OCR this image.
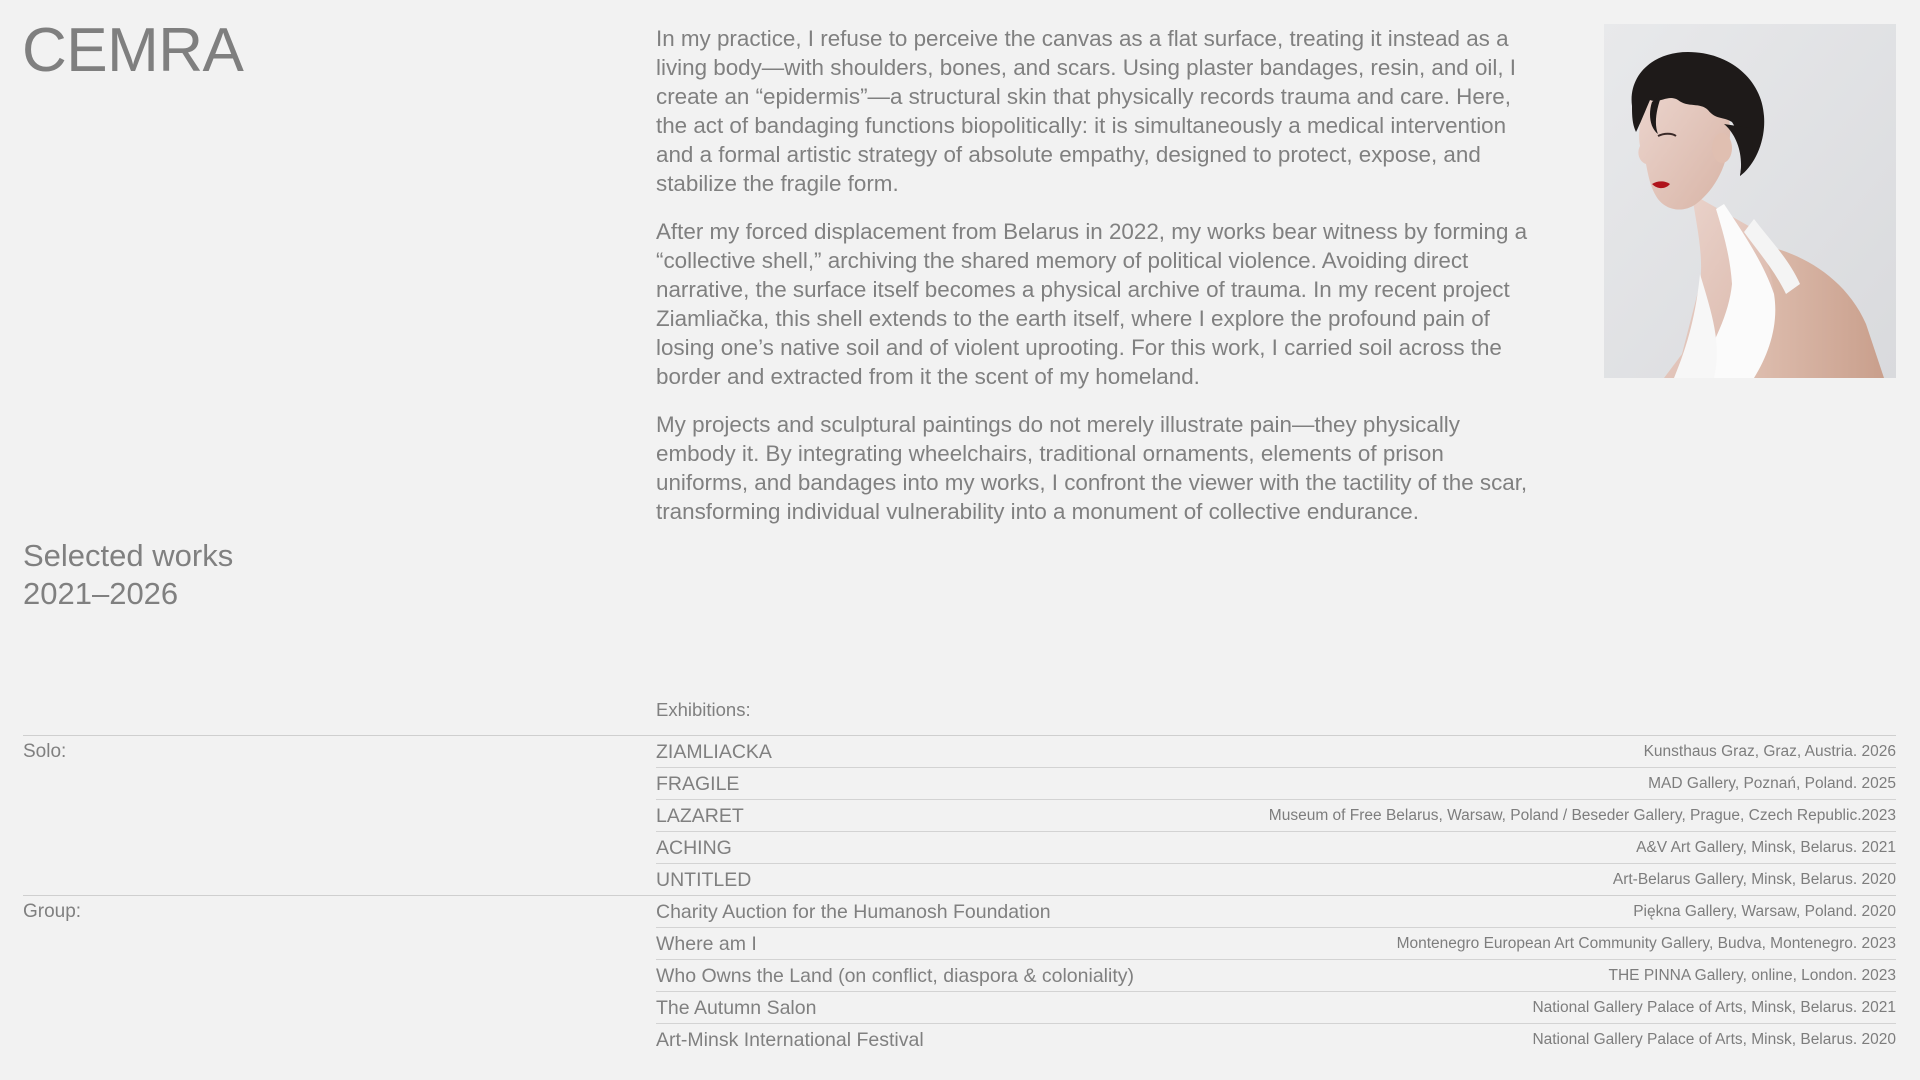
CEMRA	In my practice, I refuse to perceive the canvas as a flat surface, treating it instead as a living body—with shoulders, bones, and scars. Using plaster bandages, resin, and oil, I create an “epidermis”—a structural skin that physically records trauma and care. Here, the act of bandaging functions biopolitically: it is simultaneously a medical intervention and a formal artistic strategy of absolute empathy, designed to protect, expose, and stabilize the fragile form.

After my forced displacement from Belarus in 2022, my works bear witness by forming a “collective shell,” archiving the shared memory of political violence. Avoiding direct narrative, the surface itself becomes a physical archive of trauma. In my recent project Ziamliačka, this shell extends to the earth itself, where I explore the profound pain of losing one’s native soil and of violent uprooting. For this work, I carried soil across the border and extracted from it the scent of my homeland.

My projects and sculptural paintings do not merely illustrate pain—they physically embody it. By integrating wheelchairs, traditional ornaments, elements of prison uniforms, and bandages into my works, I confront the viewer with the tactility of the scar, transforming individual vulnerability into a monument of collective endurance.

Selected works
2021–2026
Exhibitions:
Solo:	ZIAMLIACKA	Kunsthaus Graz, Graz, Austria. 2026
FRAGILE	MAD Gallery, Poznań, Poland. 2025
LAZARET	Museum of Free Belarus, Warsaw, Poland / Beseder Gallery, Prague, Czech Republic.2023
ACHING	A&V Art Gallery, Minsk, Belarus. 2021
UNTITLED	Art-Belarus Gallery, Minsk, Belarus. 2020
Group:	Charity Auction for the Humanosh Foundation	Piękna Gallery, Warsaw, Poland. 2020
Where am I	Montenegro European Art Community Gallery, Budva, Montenegro. 2023
Who Owns the Land (on conflict, diaspora & coloniality)	THE PINNA Gallery, online, London. 2023
The Autumn Salon	National Gallery Palace of Arts, Minsk, Belarus. 2021
Art-Minsk International Festival	National Gallery Palace of Arts, Minsk, Belarus. 2020
